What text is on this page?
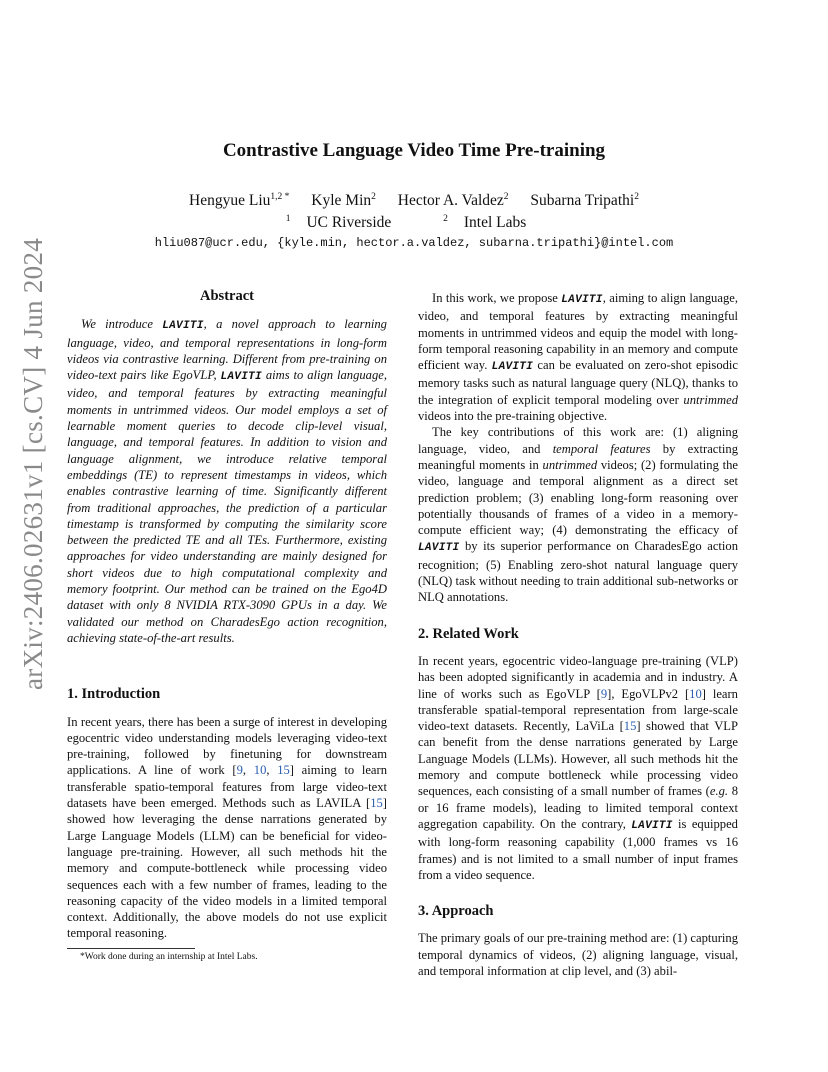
arXiv:2406.02631v1 [cs.CV] 4 Jun 2024
Contrastive Language Video Time Pre-training
Hengyue Liu$^{1,2 *}$ Kyle Min$^2$ Hector A. Valdez$^2$ Subarna Tripathi$^2$
$^1$ UC Riverside	$^2$ Intel Labs
hliu087@ucr.edu, {kyle.min, hector.a.valdez, subarna.tripathi}@intel.com
Abstract

We introduce LAVITI, a novel approach to learning language, video, and temporal representations in long-form videos via contrastive learning. Different from pre-training on video-text pairs like EgoVLP, LAVITI aims to align language, video, and temporal features by extracting meaningful moments in untrimmed videos. Our model employs a set of learnable moment queries to decode clip-level visual, language, and temporal features. In addition to vision and language alignment, we introduce relative temporal embeddings (TE) to represent timestamps in videos, which enables contrastive learning of time. Significantly different from traditional approaches, the prediction of a particular timestamp is transformed by computing the similarity score between the predicted TE and all TEs. Furthermore, existing approaches for video understanding are mainly designed for short videos due to high computational complexity and memory footprint. Our method can be trained on the Ego4D dataset with only 8 NVIDIA RTX-3090 GPUs in a day. We validated our method on CharadesEgo action recognition, achieving state-of-the-art results.

1. Introduction

In recent years, there has been a surge of interest in developing egocentric video understanding models leveraging video-text pre-training, followed by finetuning for downstream applications. A line of work [9, 10, 15] aiming to learn transferable spatio-temporal features from large video-text datasets have been emerged. Methods such as LAVILA [15] showed how leveraging the dense narrations generated by Large Language Models (LLM) can be beneficial for video-language pre-training. However, all such methods hit the memory and compute-bottleneck while processing video sequences each with a few number of frames, leading to the reasoning capacity of the video models in a limited temporal context. Additionally, the above models do not use explicit temporal reasoning.

*Work done during an internship at Intel Labs.

In this work, we propose LAVITI, aiming to align language, video, and temporal features by extracting meaningful moments in untrimmed videos and equip the model with long-form temporal reasoning capability in an memory and compute efficient way. LAVITI can be evaluated on zero-shot episodic memory tasks such as natural language query (NLQ), thanks to the integration of explicit temporal modeling over untrimmed videos into the pre-training objective.

The key contributions of this work are: (1) aligning language, video, and temporal features by extracting meaningful moments in untrimmed videos; (2) formulating the video, language and temporal alignment as a direct set prediction problem; (3) enabling long-form reasoning over potentially thousands of frames of a video in a memory-compute efficient way; (4) demonstrating the efficacy of LAVITI by its superior performance on CharadesEgo action recognition; (5) Enabling zero-shot natural language query (NLQ) task without needing to train additional sub-networks or NLQ annotations.

2. Related Work

In recent years, egocentric video-language pre-training (VLP) has been adopted significantly in academia and in industry. A line of works such as EgoVLP [9], EgoVLPv2 [10] learn transferable spatial-temporal representation from large-scale video-text datasets. Recently, LaViLa [15] showed that VLP can benefit from the dense narrations generated by Large Language Models (LLMs). However, all such methods hit the memory and compute bottleneck while processing video sequences, each consisting of a small number of frames (e.g. 8 or 16 frame models), leading to limited temporal context aggregation capability. On the contrary, LAVITI is equipped with long-form reasoning capability (1,000 frames vs 16 frames) and is not limited to a small number of input frames from a video sequence.

3. Approach

The primary goals of our pre-training method are: (1) capturing temporal dynamics of videos, (2) aligning language, visual, and temporal information at clip level, and (3) abil-
